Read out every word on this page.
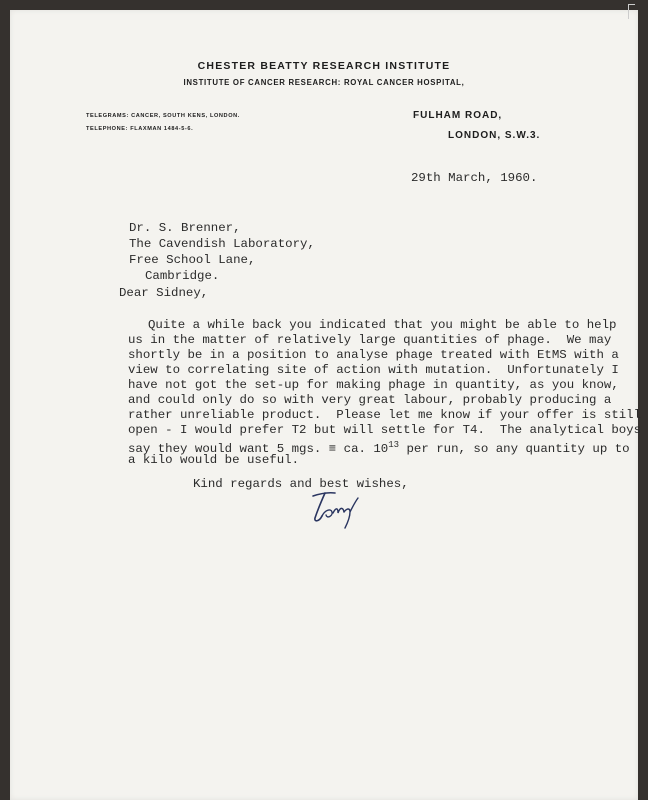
CHESTER BEATTY RESEARCH INSTITUTE
INSTITUTE OF CANCER RESEARCH: ROYAL CANCER HOSPITAL,
TELEGRAMS: CANCER, SOUTH KENS, LONDON.
TELEPHONE: FLAXMAN 1484-5-6.
FULHAM ROAD,
LONDON, S.W.3.
29th March, 1960.
Dr. S. Brenner,
The Cavendish Laboratory,
Free School Lane,
Cambridge.
Dear Sidney,
Quite a while back you indicated that you might be able to help
us in the matter of relatively large quantities of phage.  We may
shortly be in a position to analyse phage treated with EtMS with a
view to correlating site of action with mutation.  Unfortunately I
have not got the set-up for making phage in quantity, as you know,
and could only do so with very great labour, probably producing a
rather unreliable product.  Please let me know if your offer is still
open - I would prefer T2 but will settle for T4.  The analytical boys
say they would want 5 mgs. ≡ ca. $10^{13}$ per run, so any quantity up to
a kilo would be useful.
Kind regards and best wishes,
